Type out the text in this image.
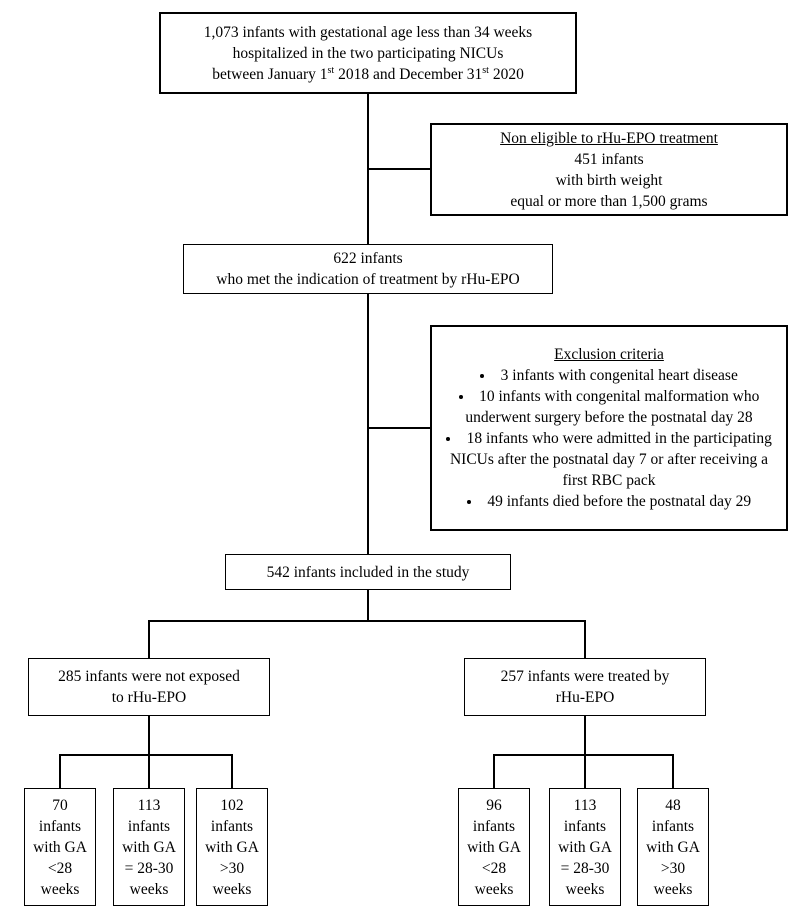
1,073 infants with gestational age less than 34 weeks
hospitalized in the two participating NICUs
between January 1st 2018 and December 31st 2020
Non eligible to rHu-EPO treatment
451 infants
with birth weight
equal or more than 1,500 grams
622 infants
who met the indication of treatment by rHu-EPO
Exclusion criteria
• 3 infants with congenital heart disease
• 10 infants with congenital malformation who underwent surgery before the postnatal day 28
• 18 infants who were admitted in the participating NICUs after the postnatal day 7 or after receiving a first RBC pack
• 49 infants died before the postnatal day 29
542 infants included in the study
285 infants were not exposed
to rHu-EPO
257 infants were treated by
rHu-EPO
70
infants
with GA
<28
weeks
113
infants
with GA
= 28-30
weeks
102
infants
with GA
>30
weeks
96
infants
with GA
<28
weeks
113
infants
with GA
= 28-30
weeks
48
infants
with GA
>30
weeks
